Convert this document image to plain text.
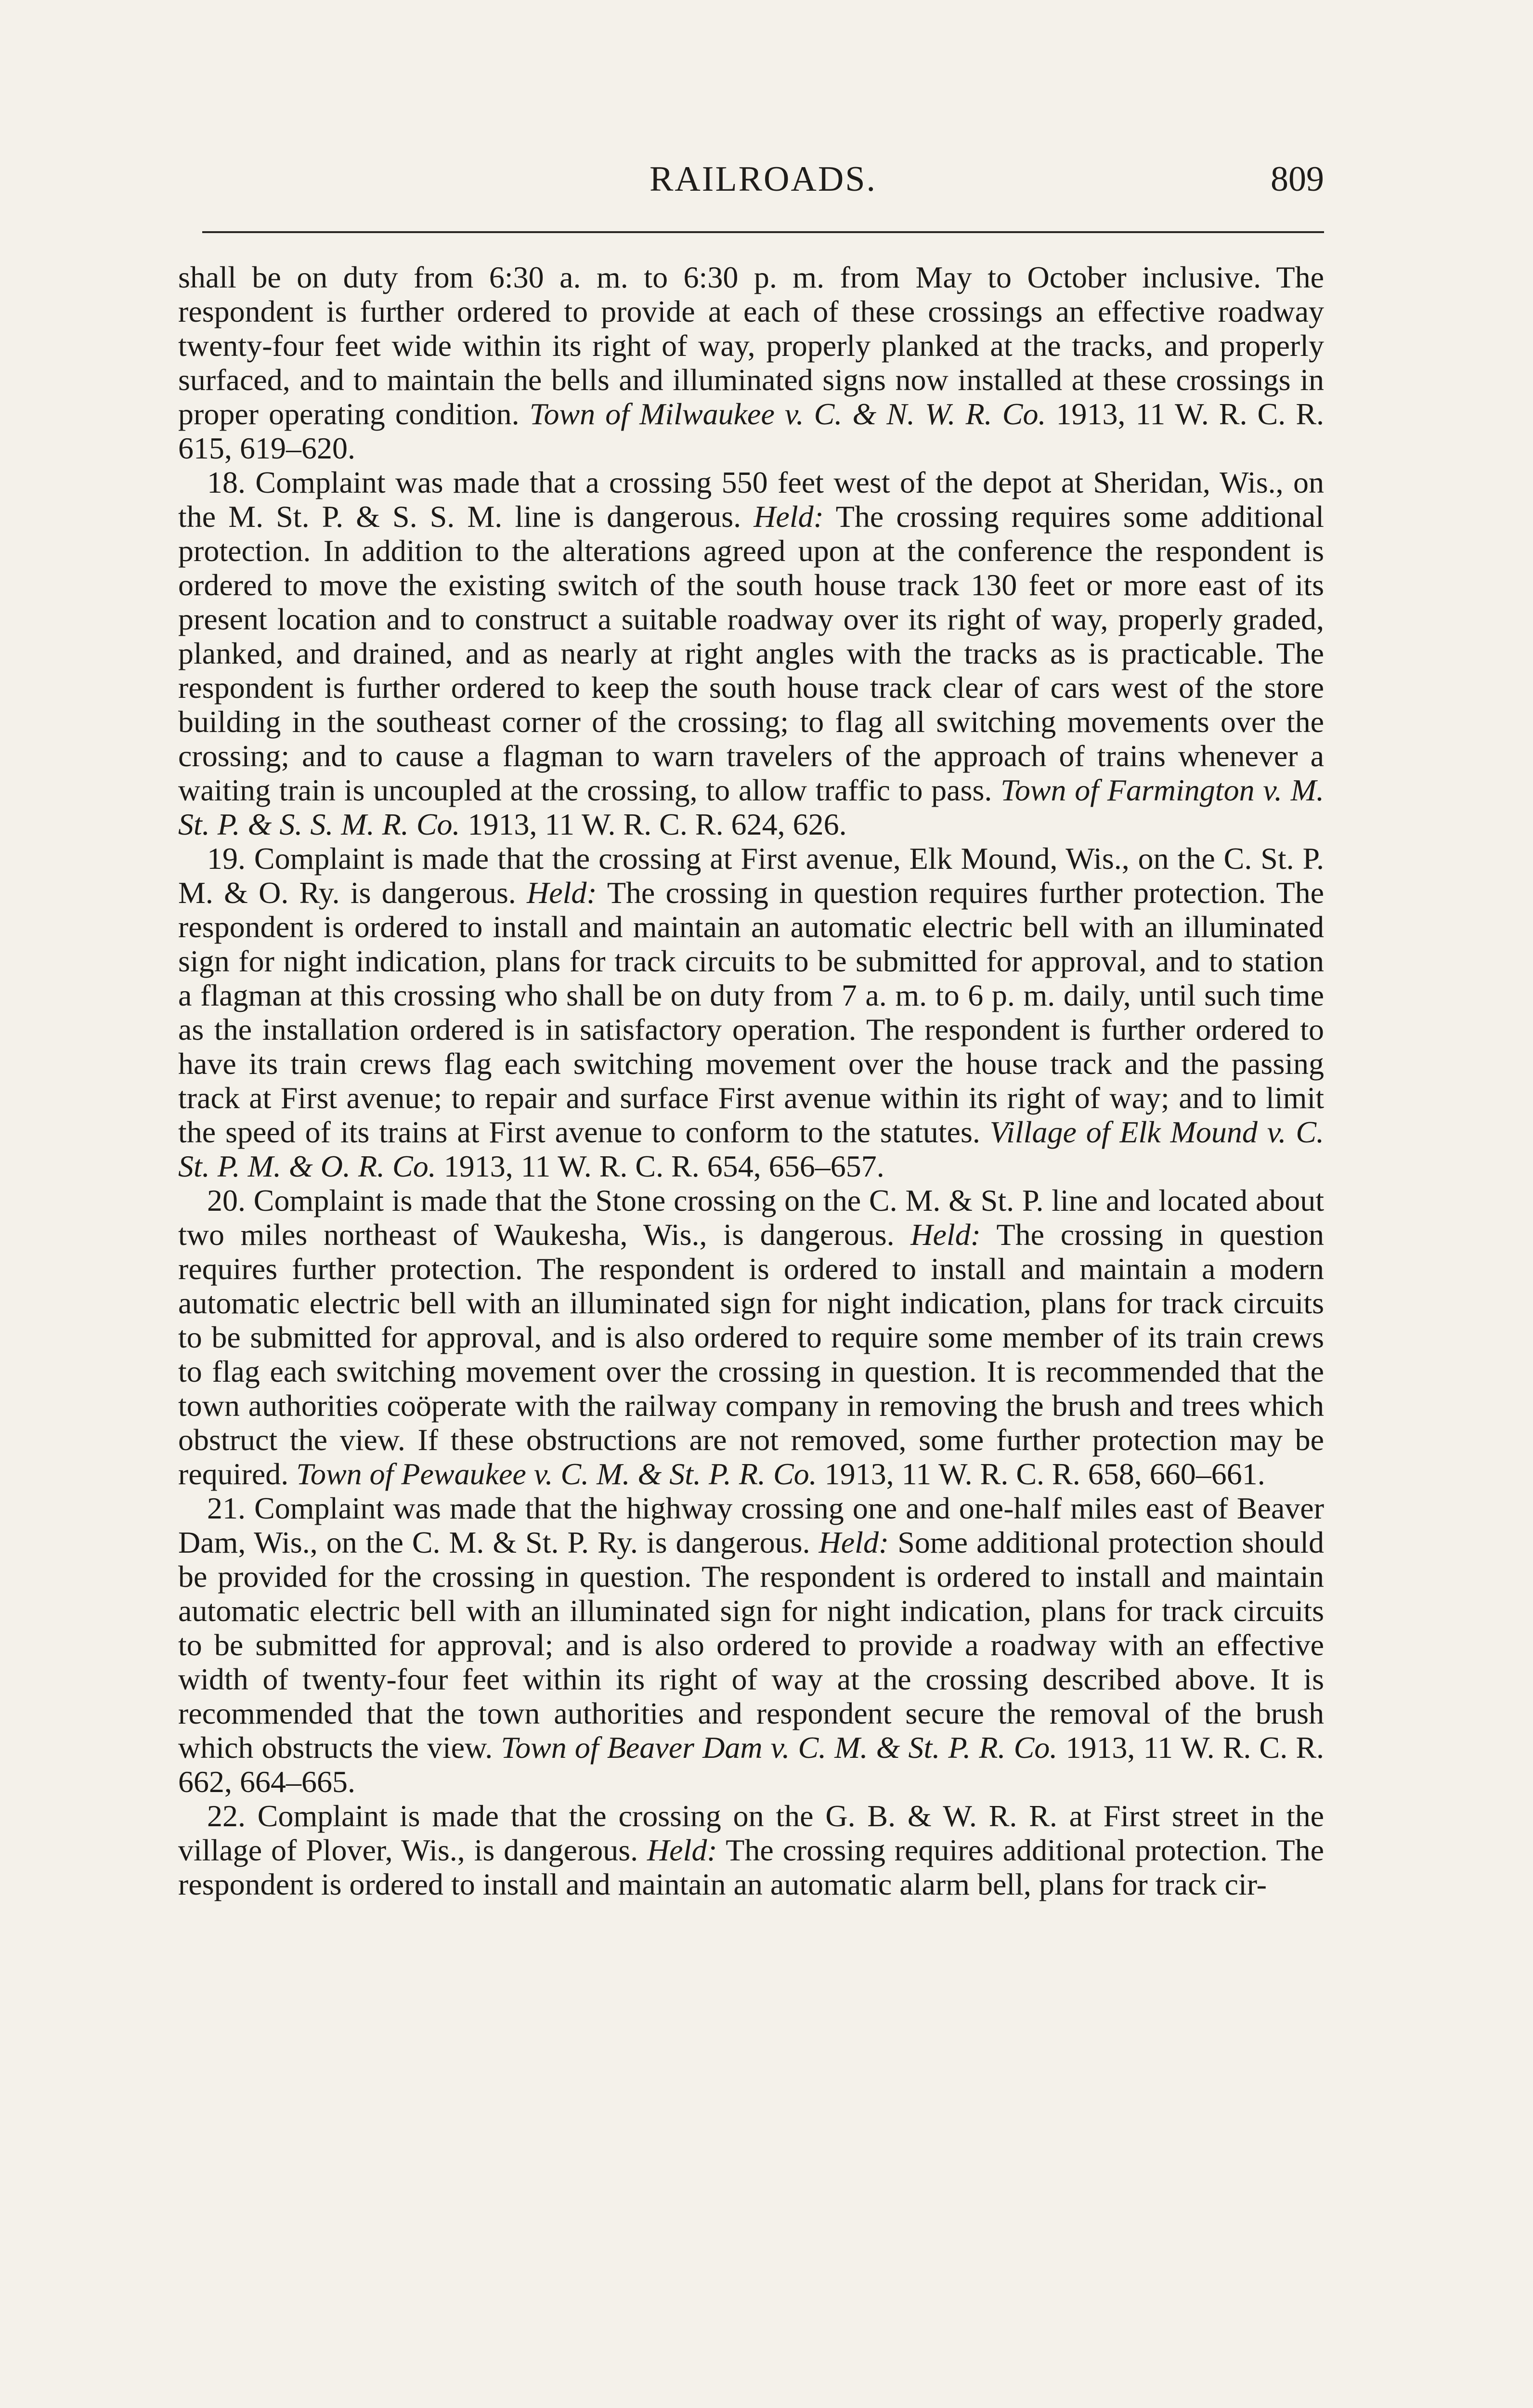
RAILROADS.	809

shall be on duty from 6:30 a. m. to 6:30 p. m. from May to October inclusive. The respondent is further ordered to provide at each of these crossings an effective roadway twenty-four feet wide within its right of way, properly planked at the tracks, and properly surfaced, and to maintain the bells and illuminated signs now installed at these crossings in proper operating condition. Town of Milwaukee v. C. & N. W. R. Co. 1913, 11 W. R. C. R. 615, 619–620.

18. Complaint was made that a crossing 550 feet west of the depot at Sheridan, Wis., on the M. St. P. & S. S. M. line is dangerous. Held: The crossing requires some additional protection. In addition to the alterations agreed upon at the conference the respondent is ordered to move the existing switch of the south house track 130 feet or more east of its present location and to construct a suitable roadway over its right of way, properly graded, planked, and drained, and as nearly at right angles with the tracks as is practicable. The respondent is further ordered to keep the south house track clear of cars west of the store building in the southeast corner of the crossing; to flag all switching movements over the crossing; and to cause a flagman to warn travelers of the approach of trains whenever a waiting train is uncoupled at the crossing, to allow traffic to pass. Town of Farmington v. M. St. P. & S. S. M. R. Co. 1913, 11 W. R. C. R. 624, 626.

19. Complaint is made that the crossing at First avenue, Elk Mound, Wis., on the C. St. P. M. & O. Ry. is dangerous. Held: The crossing in question requires further protection. The respondent is ordered to install and maintain an automatic electric bell with an illuminated sign for night indication, plans for track circuits to be submitted for approval, and to station a flagman at this crossing who shall be on duty from 7 a. m. to 6 p. m. daily, until such time as the installation ordered is in satisfactory operation. The respondent is further ordered to have its train crews flag each switching movement over the house track and the passing track at First avenue; to repair and surface First avenue within its right of way; and to limit the speed of its trains at First avenue to conform to the statutes. Village of Elk Mound v. C. St. P. M. & O. R. Co. 1913, 11 W. R. C. R. 654, 656–657.

20. Complaint is made that the Stone crossing on the C. M. & St. P. line and located about two miles northeast of Waukesha, Wis., is dangerous. Held: The crossing in question requires further protection. The respondent is ordered to install and maintain a modern automatic electric bell with an illuminated sign for night indication, plans for track circuits to be submitted for approval, and is also ordered to require some member of its train crews to flag each switching movement over the crossing in question. It is recommended that the town authorities coöperate with the railway company in removing the brush and trees which obstruct the view. If these obstructions are not removed, some further protection may be required. Town of Pewaukee v. C. M. & St. P. R. Co. 1913, 11 W. R. C. R. 658, 660–661.

21. Complaint was made that the highway crossing one and one-half miles east of Beaver Dam, Wis., on the C. M. & St. P. Ry. is dangerous. Held: Some additional protection should be provided for the crossing in question. The respondent is ordered to install and maintain automatic electric bell with an illuminated sign for night indication, plans for track circuits to be submitted for approval; and is also ordered to provide a roadway with an effective width of twenty-four feet within its right of way at the crossing described above. It is recommended that the town authorities and respondent secure the removal of the brush which obstructs the view. Town of Beaver Dam v. C. M. & St. P. R. Co. 1913, 11 W. R. C. R. 662, 664–665.

22. Complaint is made that the crossing on the G. B. & W. R. R. at First street in the village of Plover, Wis., is dangerous. Held: The crossing requires additional protection. The respondent is ordered to install and maintain an automatic alarm bell, plans for track cir-
